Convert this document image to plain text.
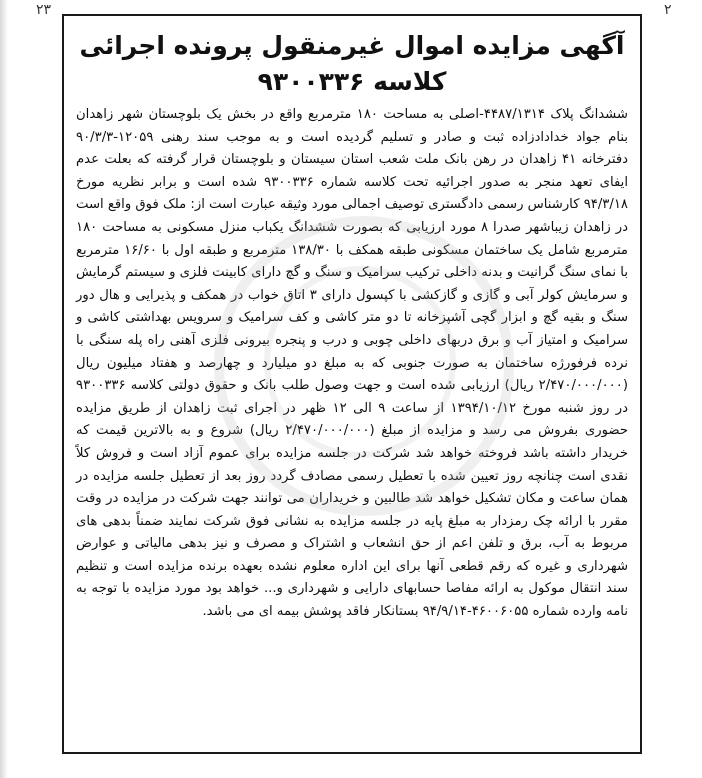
۲۳	۲
آگهی مزایده اموال غیرمنقول پرونده اجرائی
کلاسه ۹۳۰۰۳۳۶

ششدانگ پلاک ۴۴۸۷/۱۳۱۴-اصلی به مساحت ۱۸۰ مترمربع واقع در بخش یک بلوچستان شهر زاهدان بنام جواد خدادادزاده ثبت و صادر و تسلیم گردیده است و به موجب سند رهنی ۱۲۰۵۹-۹۰/۳/۳ دفترخانه ۴۱ زاهدان در رهن بانک ملت شعب استان سیستان و بلوچستان قرار گرفته که بعلت عدم ایفای تعهد منجر به صدور اجرائیه تحت کلاسه شماره ۹۳۰۰۳۳۶ شده است و برابر نظریه مورخ ۹۴/۳/۱۸ کارشناس رسمی دادگستری توصیف اجمالی مورد وثیقه عبارت است از: ملک فوق واقع است در زاهدان زیباشهر صدرا ۸ مورد ارزیابی که بصورت ششدانگ یکباب منزل مسکونی به مساحت ۱۸۰ مترمربع شامل یک ساختمان مسکونی طبقه همکف با ۱۳۸/۳۰ مترمربع و طبقه اول با ۱۶/۶۰ مترمربع با نمای سنگ گرانیت و بدنه داخلی ترکیب سرامیک و سنگ و گچ دارای کابینت فلزی و سیستم گرمایش و سرمایش کولر آبی و گازی و گازکشی با کپسول دارای ۳ اتاق خواب در همکف و پذیرایی و هال دور سنگ و بقیه گچ و ابزار گچی آشپزخانه تا دو متر کاشی و کف سرامیک و سرویس بهداشتی کاشی و سرامیک و امتیاز آب و برق دربهای داخلی چوبی و درب و پنجره بیرونی فلزی آهنی راه پله سنگی با نرده فرفورژه ساختمان به صورت جنوبی که به مبلغ دو میلیارد و چهارصد و هفتاد میلیون ریال (۲/۴۷۰/۰۰۰/۰۰۰ ریال) ارزیابی شده است و جهت وصول طلب بانک و حقوق دولتی کلاسه ۹۳۰۰۳۳۶ در روز شنبه مورخ ۱۳۹۴/۱۰/۱۲ از ساعت ۹ الی ۱۲ ظهر در اجرای ثبت زاهدان از طریق مزایده حضوری بفروش می رسد و مزایده از مبلغ (۲/۴۷۰/۰۰۰/۰۰۰ ریال) شروع و به بالاترین قیمت که خریدار داشته باشد فروخته خواهد شد شرکت در جلسه مزایده برای عموم آزاد است و فروش کلاً نقدی است چنانچه روز تعیین شده با تعطیل رسمی مصادف گردد روز بعد از تعطیل جلسه مزایده در همان ساعت و مکان تشکیل خواهد شد طالبین و خریداران می توانند جهت شرکت در مزایده در وقت مقرر با ارائه چک رمزدار به مبلغ پایه در جلسه مزایده به نشانی فوق شرکت نمایند ضمناً بدهی های مربوط به آب، برق و تلفن اعم از حق انشعاب و اشتراک و مصرف و نیز بدهی مالیاتی و عوارض شهرداری و غیره که رقم قطعی آنها برای این اداره معلوم نشده بعهده برنده مزایده است و تنظیم سند انتقال موکول به ارائه مفاصا حسابهای دارایی و شهرداری و... خواهد بود مورد مزایده با توجه به نامه وارده شماره ۴۶۰۰۶۰۵۵-۹۴/۹/۱۴ بستانکار فاقد پوشش بیمه ای می باشد.
